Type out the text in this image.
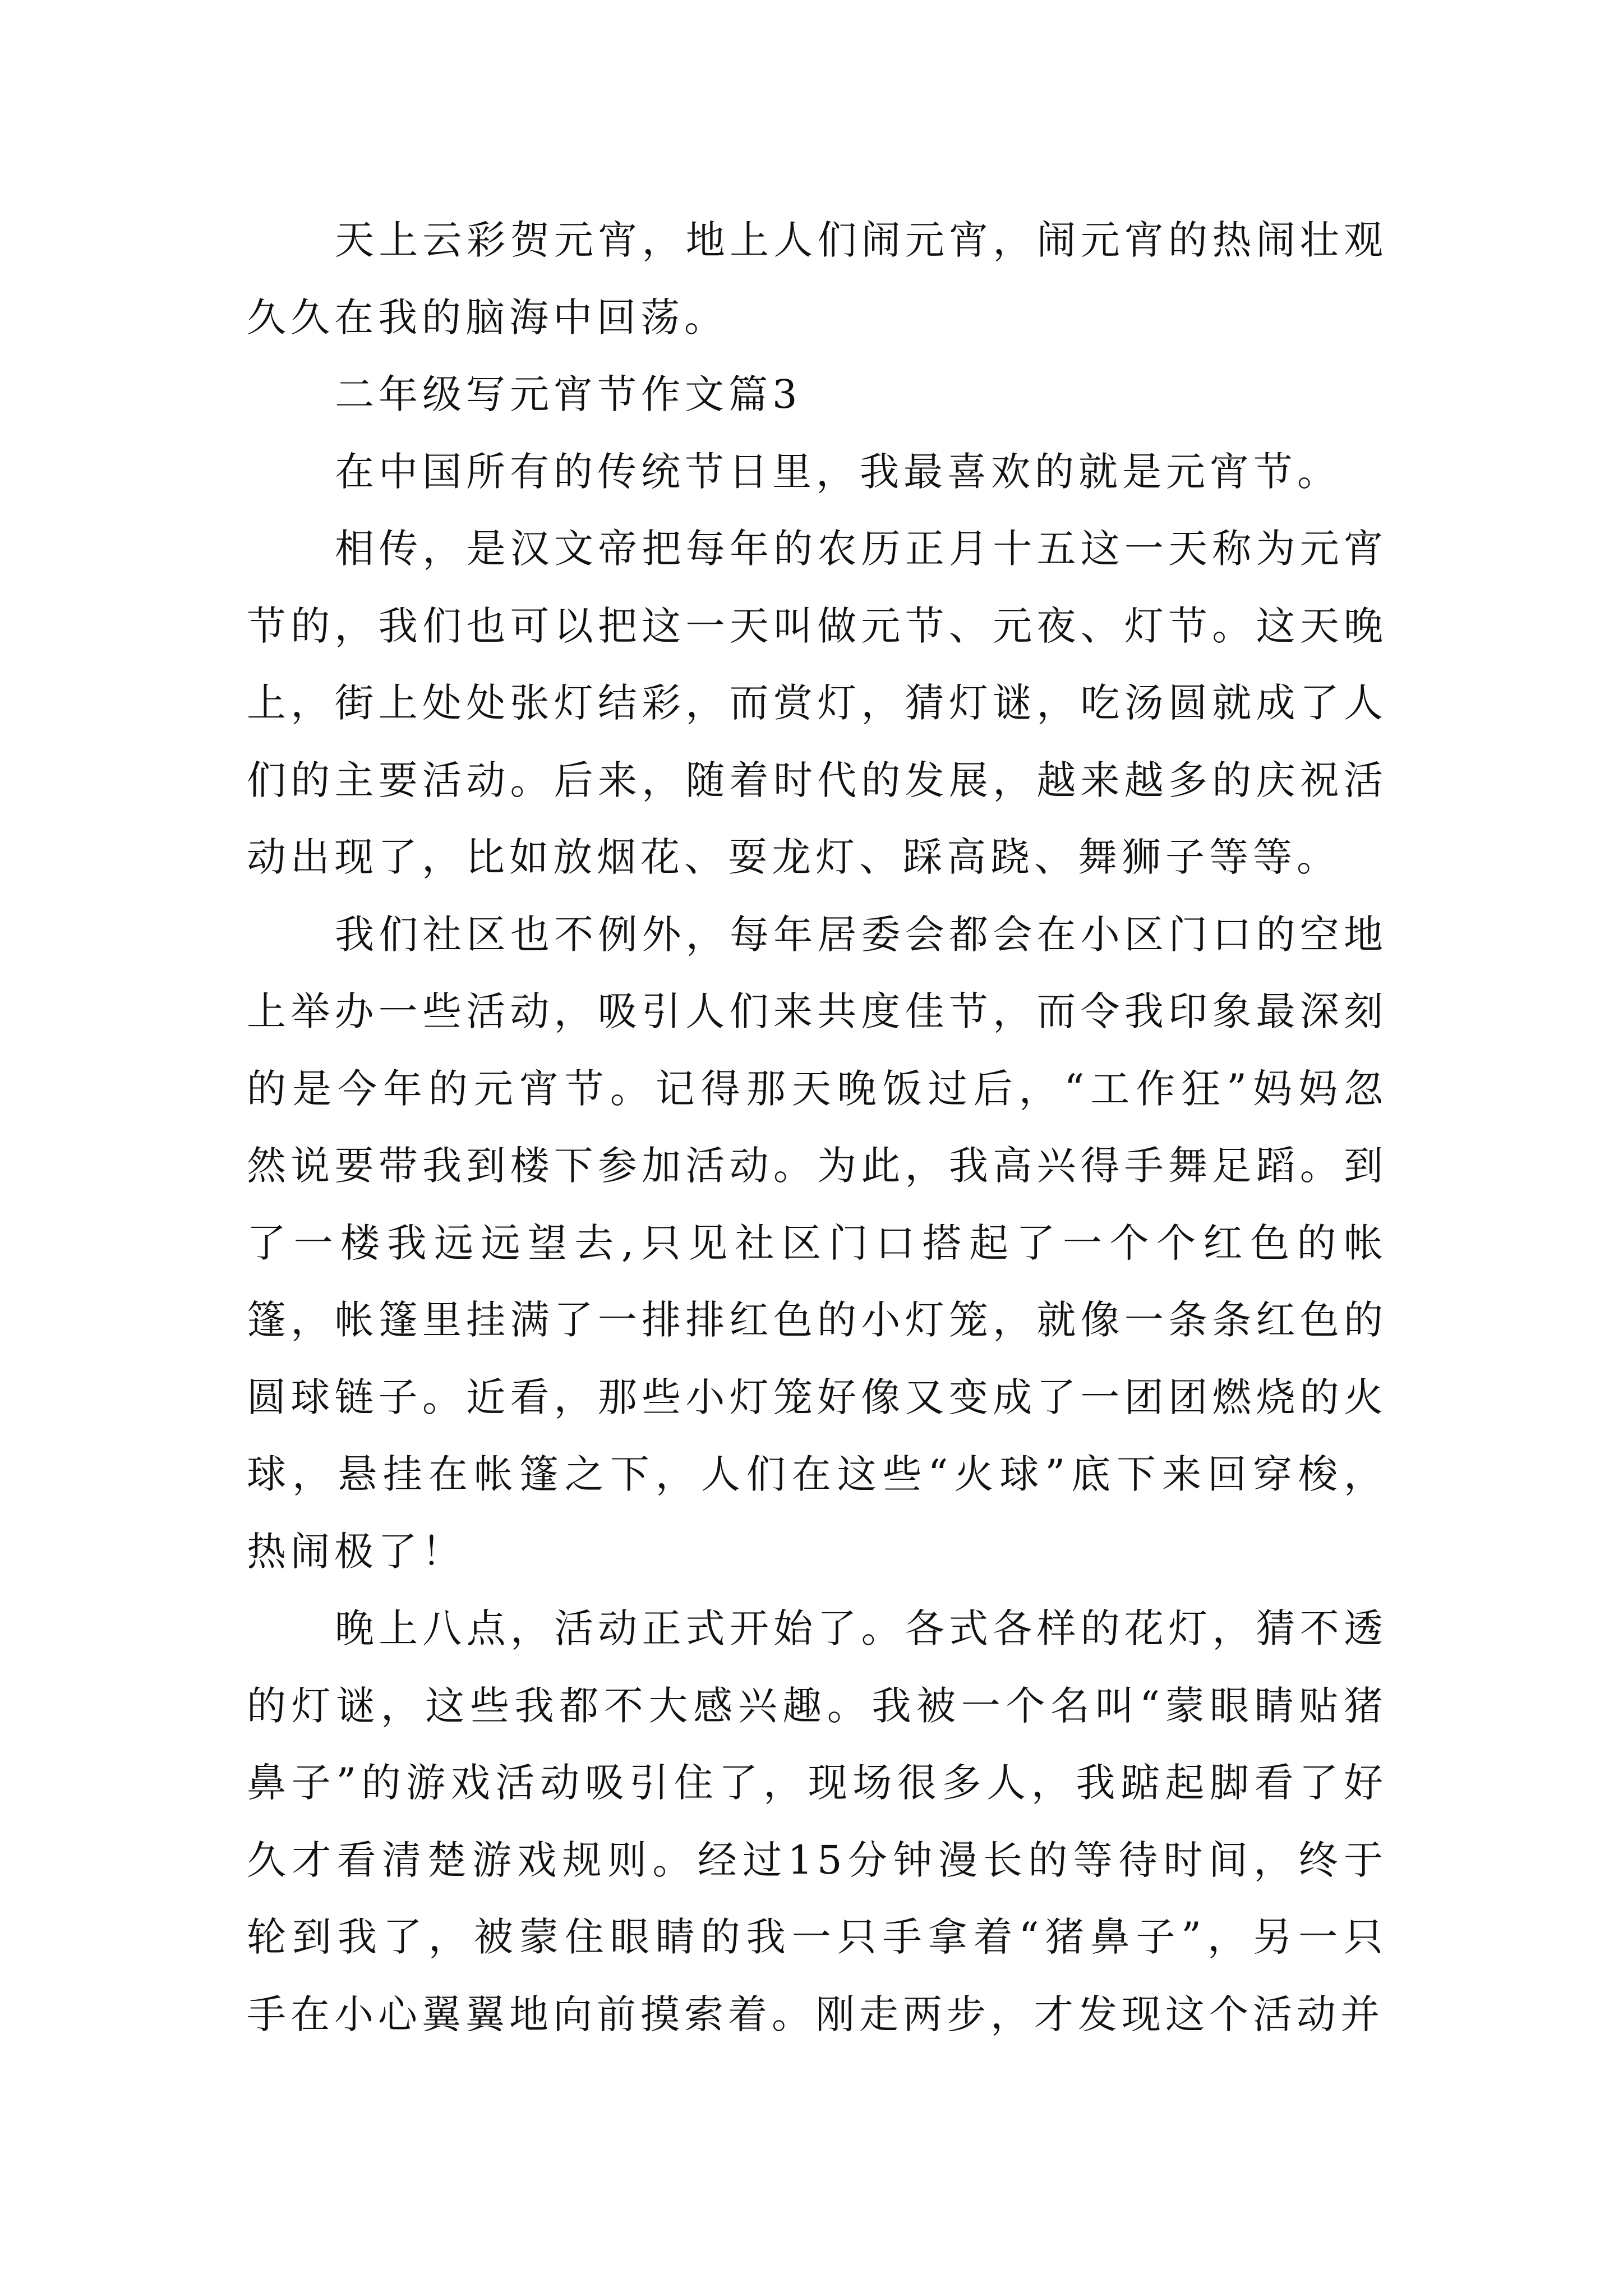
天上云彩贺元宵，地上人们闹元宵，闹元宵的热闹壮观久久在我的脑海中回荡。

二年级写元宵节作文篇3

在中国所有的传统节日里，我最喜欢的就是元宵节。

相传，是汉文帝把每年的农历正月十五这一天称为元宵节的，我们也可以把这一天叫做元节、元夜、灯节。这天晚上，街上处处张灯结彩，而赏灯，猜灯谜，吃汤圆就成了人们的主要活动。后来，随着时代的发展，越来越多的庆祝活动出现了，比如放烟花、耍龙灯、踩高跷、舞狮子等等。

我们社区也不例外，每年居委会都会在小区门口的空地上举办一些活动，吸引人们来共度佳节，而令我印象最深刻的是今年的元宵节。记得那天晚饭过后，“工作狂”妈妈忽然说要带我到楼下参加活动。为此，我高兴得手舞足蹈。到了一楼我远远望去,只见社区门口搭起了一个个红色的帐篷，帐篷里挂满了一排排红色的小灯笼，就像一条条红色的圆球链子。近看，那些小灯笼好像又变成了一团团燃烧的火球，悬挂在帐篷之下，人们在这些“火球”底下来回穿梭，热闹极了！

晚上八点，活动正式开始了。各式各样的花灯，猜不透的灯谜，这些我都不大感兴趣。我被一个名叫“蒙眼睛贴猪鼻子”的游戏活动吸引住了，现场很多人，我踮起脚看了好久才看清楚游戏规则。经过15分钟漫长的等待时间，终于轮到我了，被蒙住眼睛的我一只手拿着“猪鼻子”，另一只手在小心翼翼地向前摸索着。刚走两步，才发现这个活动并
